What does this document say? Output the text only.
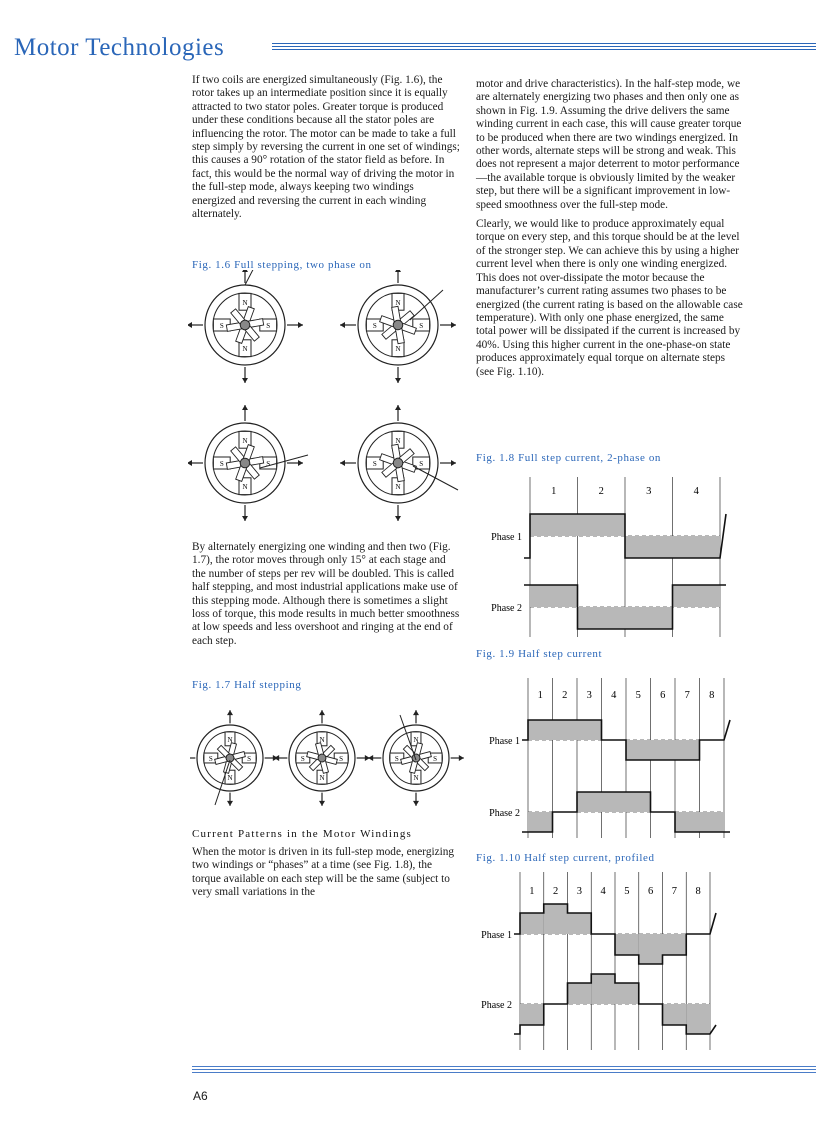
Motor Technologies

If two coils are energized simultaneously (Fig. 1.6), the rotor takes up an intermediate position since it is equally attracted to two stator poles. Greater torque is produced under these conditions because all the stator poles are influencing the rotor. The motor can be made to take a full step simply by reversing the current in one set of windings; this causes a 90° rotation of the stator field as before. In fact, this would be the normal way of driving the motor in the full-step mode, always keeping two windings energized and reversing the current in each winding alternately.

Fig. 1.6 Full stepping, two phase on
N
S
N
S
N
S
N
S
N
S
N
S
N
S
N
S

By alternately energizing one winding and then two (Fig. 1.7), the rotor moves through only 15° at each stage and the number of steps per rev will be doubled. This is called half stepping, and most industrial applications make use of this stepping mode. Although there is sometimes a slight loss of torque, this mode results in much better smoothness at low speeds and less overshoot and ringing at the end of each step.

Fig. 1.7 Half stepping
N
S
N
S
N
S
N
S
N
S
N
S
Current Patterns in the Motor Windings

When the motor is driven in its full-step mode, energizing two windings or “phases” at a time (see Fig. 1.8), the torque available on each step will be the same (subject to very small variations in the

motor and drive characteristics). In the half-step mode, we are alternately energizing two phases and then only one as shown in Fig. 1.9. Assuming the drive delivers the same winding current in each case, this will cause greater torque to be produced when there are two windings energized. In other words, alternate steps will be strong and weak. This does not represent a major deterrent to motor performance—the available torque is obviously limited by the weaker step, but there will be a significant improvement in low-speed smoothness over the full-step mode.

Clearly, we would like to produce approximately equal torque on every step, and this torque should be at the level of the stronger step. We can achieve this by using a higher current level when there is only one winding energized. This does not over-dissipate the motor because the manufacturer’s current rating assumes two phases to be energized (the current rating is based on the allowable case temperature). With only one phase energized, the same total power will be dissipated if the current is increased by 40%. Using this higher current in the one-phase-on state produces approximately equal torque on alternate steps (see Fig. 1.10).

Fig. 1.8 Full step current, 2-phase on
1	2	3	4
Phase 1
Phase 2
Fig. 1.9 Half step current
1 2 3 4 5 6 7 8
Phase 1
Phase 2
Fig. 1.10 Half step current, profiled
1 2 3 4 5 6 7 8
Phase 1
Phase 2
A6
